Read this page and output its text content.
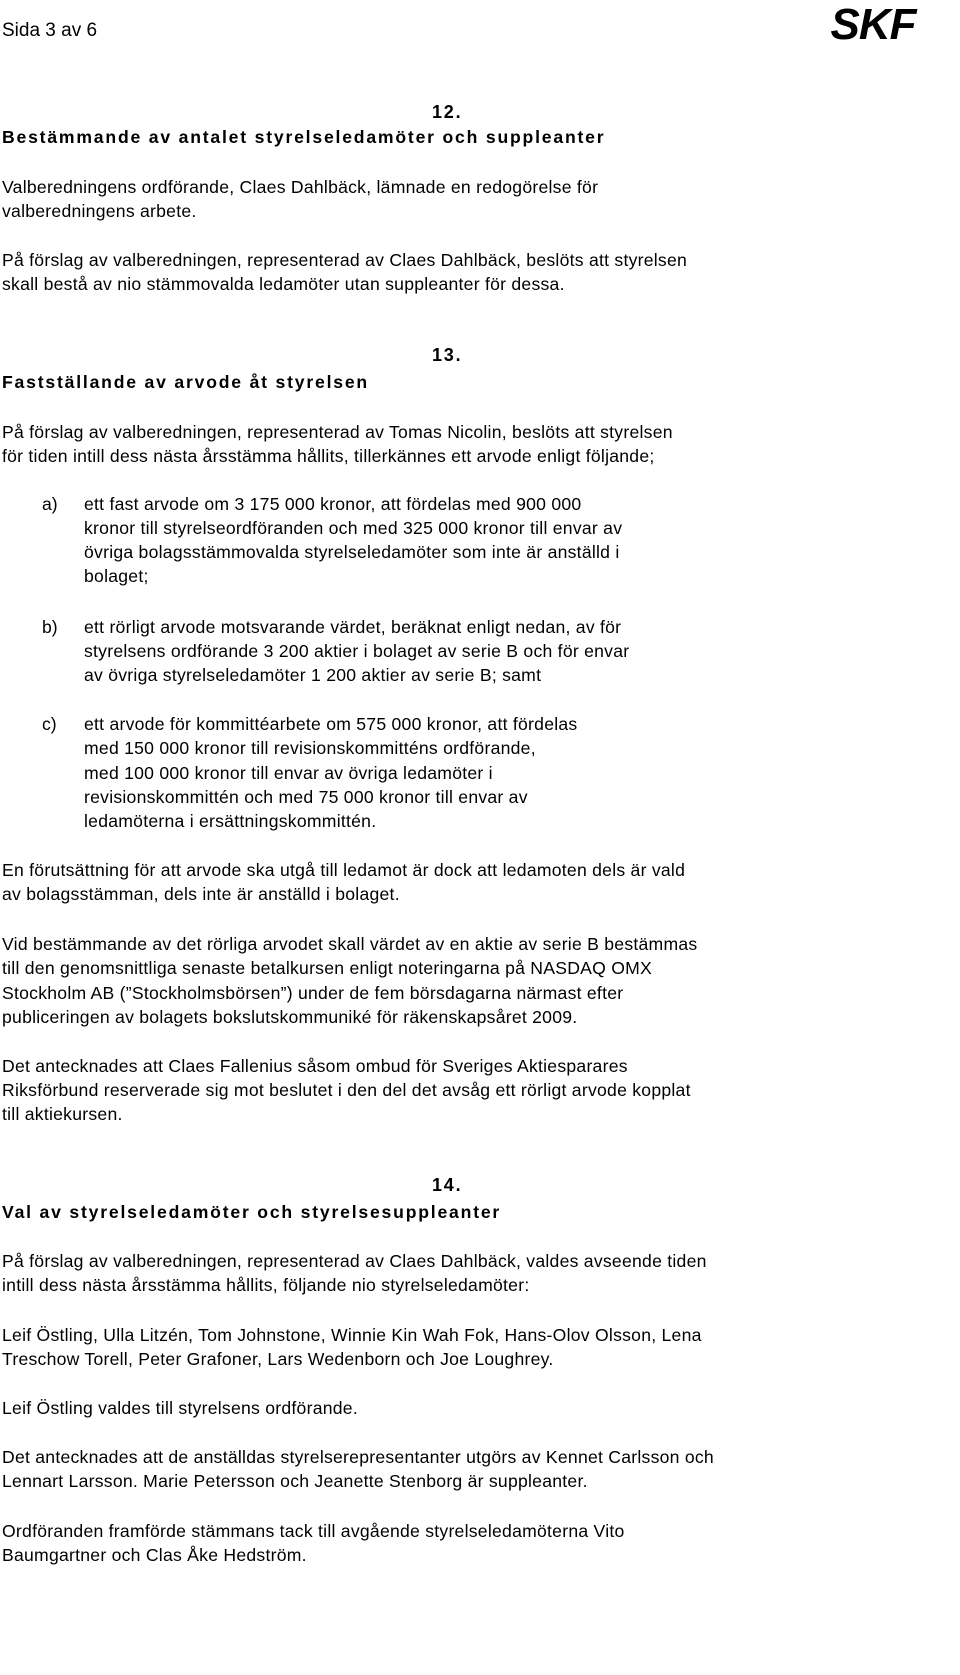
Sida 3 av 6	SKF
12.

Bestämmande av antalet styrelseledamöter och suppleanter

Valberedningens ordförande, Claes Dahlbäck, lämnade en redogörelse för

valberedningens arbete.

På förslag av valberedningen, representerad av Claes Dahlbäck, beslöts att styrelsen

skall bestå av nio stämmovalda ledamöter utan suppleanter för dessa.

13.

Fastställande av arvode åt styrelsen

På förslag av valberedningen, representerad av Tomas Nicolin, beslöts att styrelsen

för tiden intill dess nästa årsstämma hållits, tillerkännes ett arvode enligt följande;

a) ett fast arvode om 3 175 000 kronor, att fördelas med 900 000

kronor till styrelseordföranden och med 325 000 kronor till envar av

övriga bolagsstämmovalda styrelseledamöter som inte är anställd i

bolaget;

b) ett rörligt arvode motsvarande värdet, beräknat enligt nedan, av för

styrelsens ordförande 3 200 aktier i bolaget av serie B och för envar

av övriga styrelseledamöter 1 200 aktier av serie B; samt

c) ett arvode för kommittéarbete om 575 000 kronor, att fördelas

med 150 000 kronor till revisionskommitténs ordförande,

med 100 000 kronor till envar av övriga ledamöter i

revisionskommittén och med 75 000 kronor till envar av

ledamöterna i ersättningskommittén.

En förutsättning för att arvode ska utgå till ledamot är dock att ledamoten dels är vald

av bolagsstämman, dels inte är anställd i bolaget.

Vid bestämmande av det rörliga arvodet skall värdet av en aktie av serie B bestämmas

till den genomsnittliga senaste betalkursen enligt noteringarna på NASDAQ OMX

Stockholm AB (”Stockholmsbörsen”) under de fem börsdagarna närmast efter

publiceringen av bolagets bokslutskommuniké för räkenskapsåret 2009.

Det antecknades att Claes Fallenius såsom ombud för Sveriges Aktiesparares

Riksförbund reserverade sig mot beslutet i den del det avsåg ett rörligt arvode kopplat

till aktiekursen.

14.

Val av styrelseledamöter och styrelsesuppleanter

På förslag av valberedningen, representerad av Claes Dahlbäck, valdes avseende tiden

intill dess nästa årsstämma hållits, följande nio styrelseledamöter:

Leif Östling, Ulla Litzén, Tom Johnstone, Winnie Kin Wah Fok, Hans-Olov Olsson, Lena

Treschow Torell, Peter Grafoner, Lars Wedenborn och Joe Loughrey.

Leif Östling valdes till styrelsens ordförande.

Det antecknades att de anställdas styrelserepresentanter utgörs av Kennet Carlsson och

Lennart Larsson. Marie Petersson och Jeanette Stenborg är suppleanter.

Ordföranden framförde stämmans tack till avgående styrelseledamöterna Vito

Baumgartner och Clas Åke Hedström.
